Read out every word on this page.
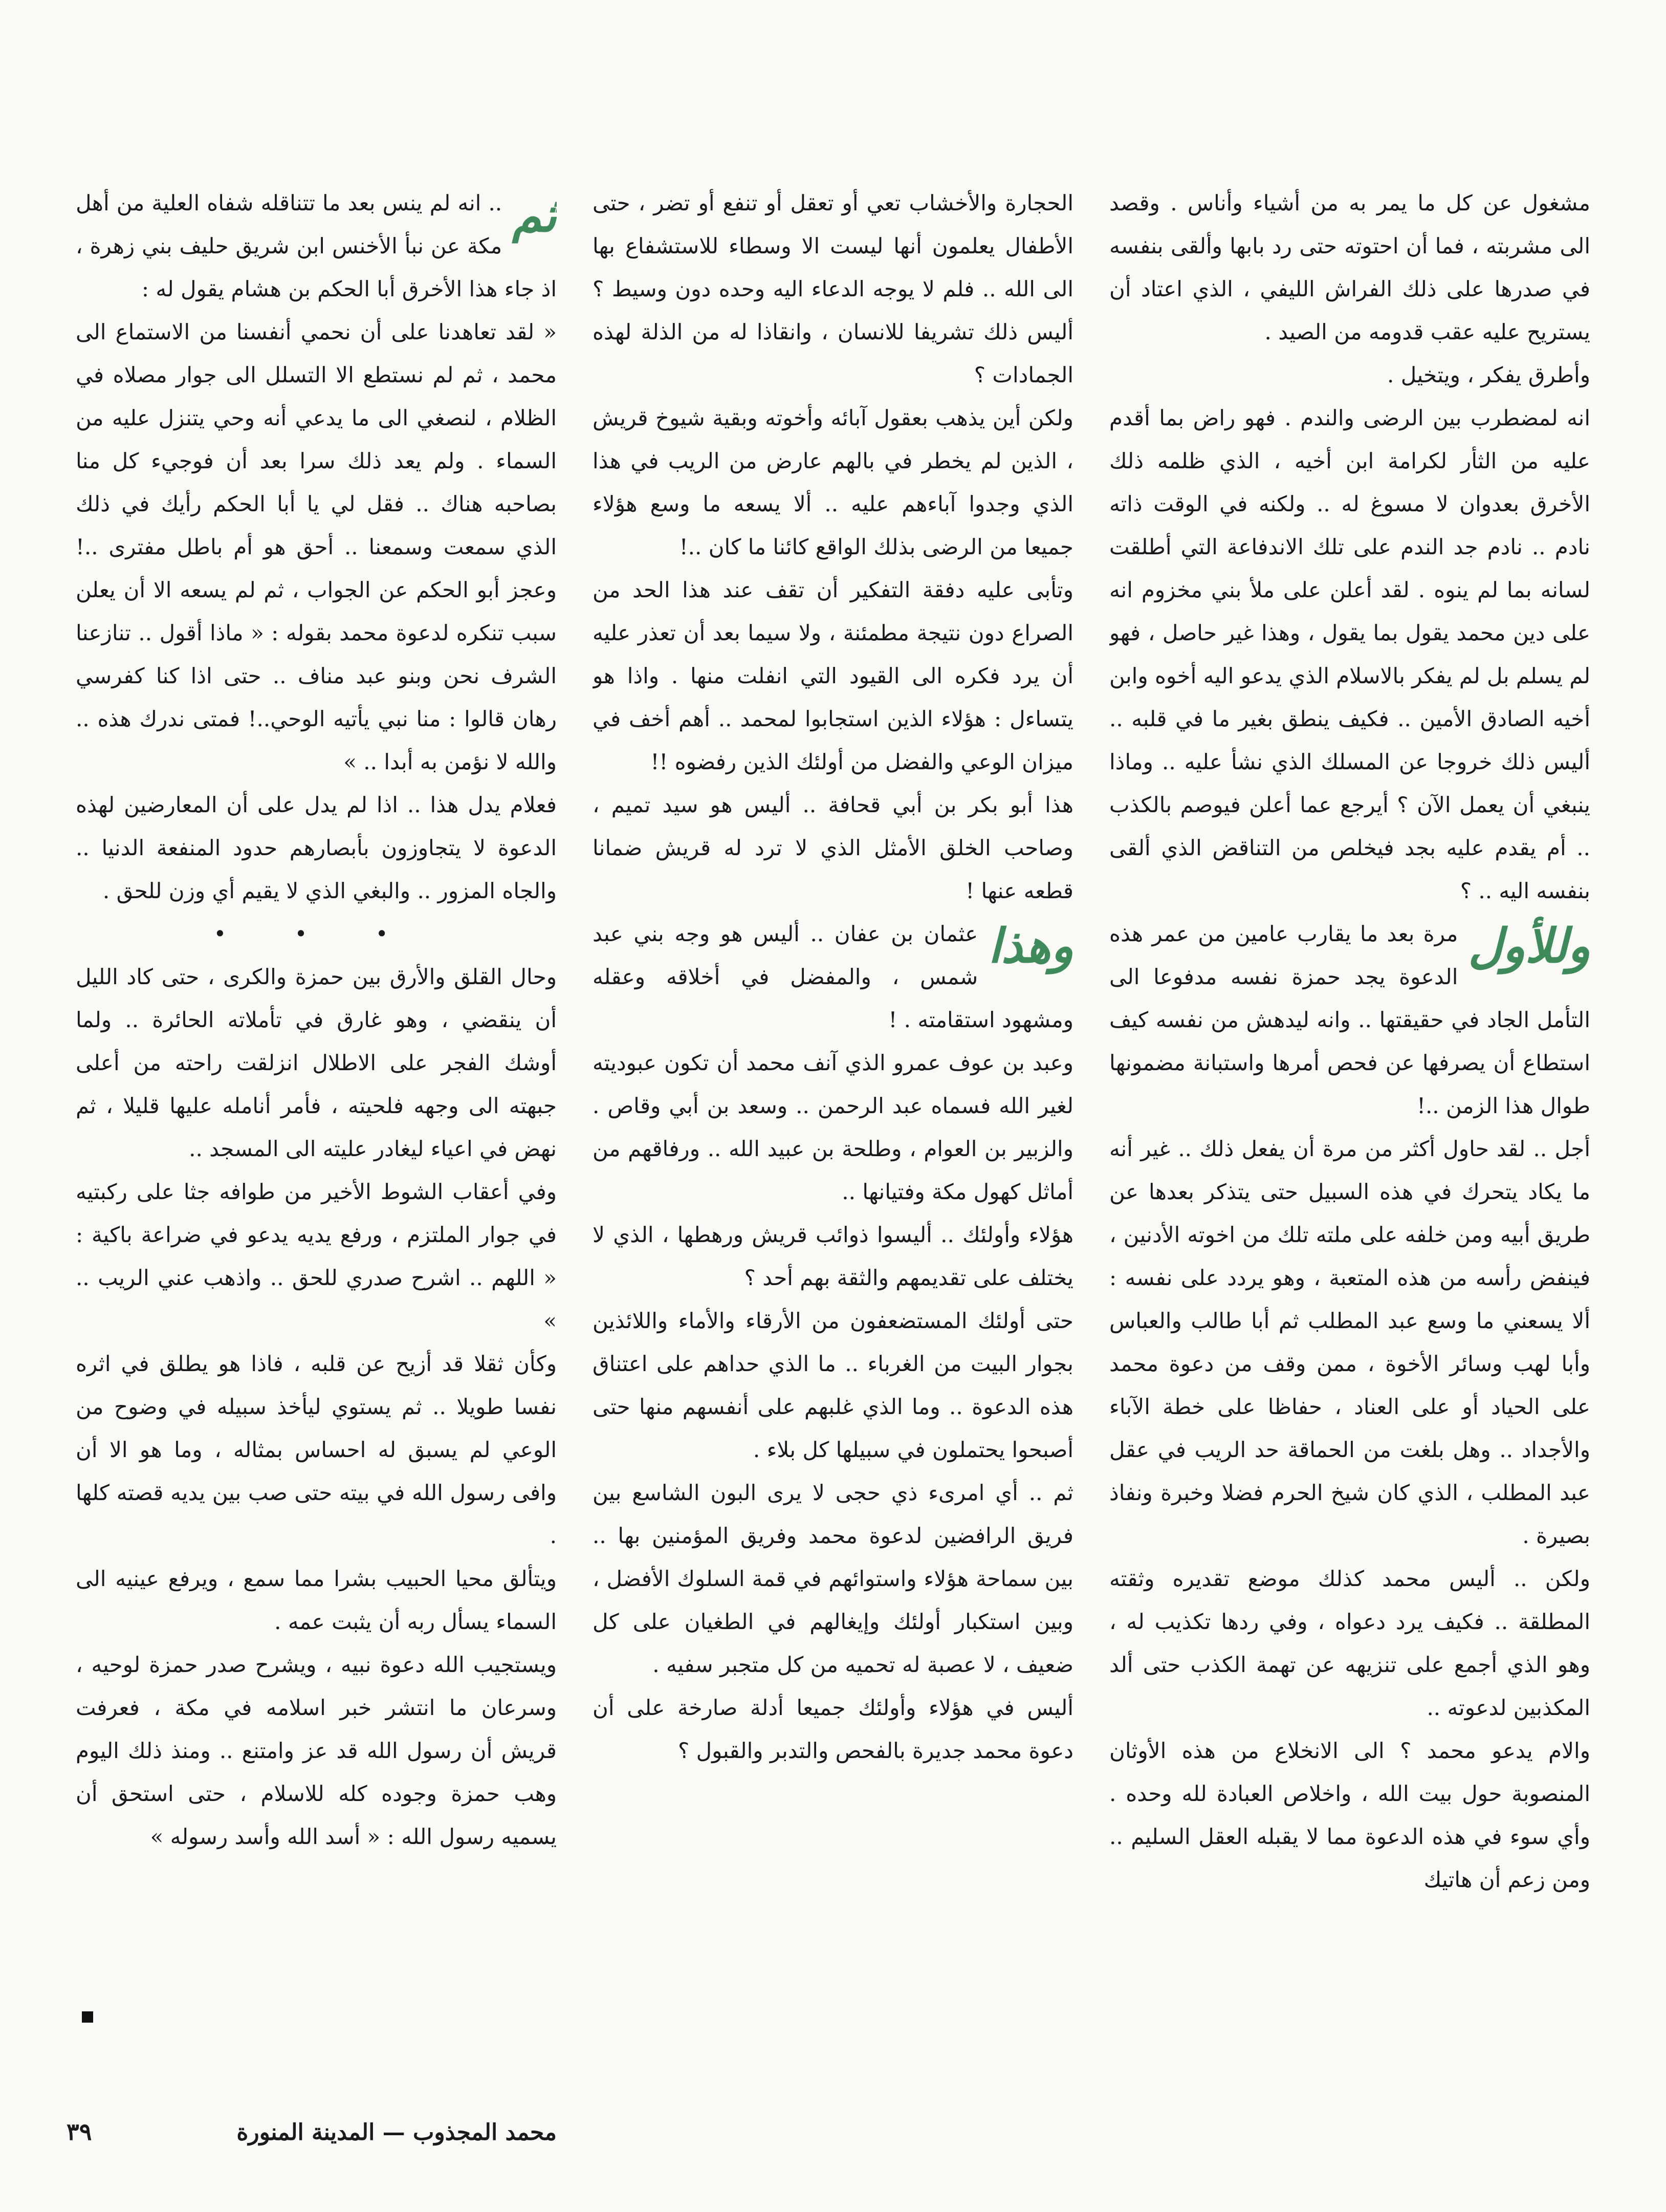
مشغول عن كل ما يمر به من أشياء وأناس . وقصد الى مشربته ، فما أن احتوته حتى رد بابها وألقى بنفسه في صدرها على ذلك الفراش الليفي ، الذي اعتاد أن يستريح عليه عقب قدومه من الصيد .

وأطرق يفكر ، ويتخيل .

انه لمضطرب بين الرضى والندم . فهو راض بما أقدم عليه من الثأر لكرامة ابن أخيه ، الذي ظلمه ذلك الأخرق بعدوان لا مسوغ له .. ولكنه في الوقت ذاته نادم .. نادم جد الندم على تلك الاندفاعة التي أطلقت لسانه بما لم ينوه . لقد أعلن على ملأ بني مخزوم انه على دين محمد يقول بما يقول ، وهذا غير حاصل ، فهو لم يسلم بل لم يفكر بالاسلام الذي يدعو اليه أخوه وابن أخيه الصادق الأمين .. فكيف ينطق بغير ما في قلبه .. أليس ذلك خروجا عن المسلك الذي نشأ عليه .. وماذا ينبغي أن يعمل الآن ؟ أيرجع عما أعلن فيوصم بالكذب .. أم يقدم عليه بجد فيخلص من التناقض الذي ألقى بنفسه اليه .. ؟

وللأول
مرة بعد ما يقارب عامين من عمر هذه الدعوة يجد حمزة نفسه مدفوعا الى التأمل الجاد في حقيقتها .. وانه ليدهش من نفسه كيف استطاع أن يصرفها عن فحص أمرها واستبانة مضمونها طوال هذا الزمن ..!

أجل .. لقد حاول أكثر من مرة أن يفعل ذلك .. غير أنه ما يكاد يتحرك في هذه السبيل حتى يتذكر بعدها عن طريق أبيه ومن خلفه على ملته تلك من اخوته الأدنين ، فينفض رأسه من هذه المتعبة ، وهو يردد على نفسه : ألا يسعني ما وسع عبد المطلب ثم أبا طالب والعباس وأبا لهب وسائر الأخوة ، ممن وقف من دعوة محمد على الحياد أو على العناد ، حفاظا على خطة الآباء والأجداد .. وهل بلغت من الحماقة حد الريب في عقل عبد المطلب ، الذي كان شيخ الحرم فضلا وخبرة ونفاذ بصيرة .

ولكن .. أليس محمد كذلك موضع تقديره وثقته المطلقة .. فكيف يرد دعواه ، وفي ردها تكذيب له ، وهو الذي أجمع على تنزيهه عن تهمة الكذب حتى ألد المكذبين لدعوته ..

والام يدعو محمد ؟ الى الانخلاع من هذه الأوثان المنصوبة حول بيت الله ، واخلاص العبادة لله وحده . وأي سوء في هذه الدعوة مما لا يقبله العقل السليم .. ومن زعم أن هاتيك

الحجارة والأخشاب تعي أو تعقل أو تنفع أو تضر ، حتى الأطفال يعلمون أنها ليست الا وسطاء للاستشفاع بها الى الله .. فلم لا يوجه الدعاء اليه وحده دون وسيط ؟ أليس ذلك تشريفا للانسان ، وانقاذا له من الذلة لهذه الجمادات ؟

ولكن أين يذهب بعقول آبائه وأخوته وبقية شيوخ قريش ، الذين لم يخطر في بالهم عارض من الريب في هذا الذي وجدوا آباءهم عليه .. ألا يسعه ما وسع هؤلاء جميعا من الرضى بذلك الواقع كائنا ما كان ..!

وتأبى عليه دفقة التفكير أن تقف عند هذا الحد من الصراع دون نتيجة مطمئنة ، ولا سيما بعد أن تعذر عليه أن يرد فكره الى القيود التي انفلت منها . واذا هو يتساءل : هؤلاء الذين استجابوا لمحمد .. أهم أخف في ميزان الوعي والفضل من أولئك الذين رفضوه !!

هذا أبو بكر بن أبي قحافة .. أليس هو سيد تميم ، وصاحب الخلق الأمثل الذي لا ترد له قريش ضمانا قطعه عنها !

وهذا
عثمان بن عفان .. أليس هو وجه بني عبد شمس ، والمفضل في أخلاقه وعقله ومشهود استقامته . !

وعبد بن عوف عمرو الذي آنف محمد أن تكون عبوديته لغير الله فسماه عبد الرحمن .. وسعد بن أبي وقاص . والزبير بن العوام ، وطلحة بن عبيد الله .. ورفاقهم من أماثل كهول مكة وفتيانها ..

هؤلاء وأولئك .. أليسوا ذوائب قريش ورهطها ، الذي لا يختلف على تقديمهم والثقة بهم أحد ؟

حتى أولئك المستضعفون من الأرقاء والأماء واللائذين بجوار البيت من الغرباء .. ما الذي حداهم على اعتناق هذه الدعوة .. وما الذي غلبهم على أنفسهم منها حتى أصبحوا يحتملون في سبيلها كل بلاء .

ثم .. أي امرىء ذي حجى لا يرى البون الشاسع بين فريق الرافضين لدعوة محمد وفريق المؤمنين بها .. بين سماحة هؤلاء واستوائهم في قمة السلوك الأفضل ، وبين استكبار أولئك وإيغالهم في الطغيان على كل ضعيف ، لا عصبة له تحميه من كل متجبر سفيه .

أليس في هؤلاء وأولئك جميعا أدلة صارخة على أن دعوة محمد جديرة بالفحص والتدبر والقبول ؟

ثم
.. انه لم ينس بعد ما تتناقله شفاه العلية من أهل مكة عن نبأ الأخنس ابن شريق حليف بني زهرة ، اذ جاء هذا الأخرق أبا الحكم بن هشام يقول له :

« لقد تعاهدنا على أن نحمي أنفسنا من الاستماع الى محمد ، ثم لم نستطع الا التسلل الى جوار مصلاه في الظلام ، لنصغي الى ما يدعي أنه وحي يتنزل عليه من السماء . ولم يعد ذلك سرا بعد أن فوجيء كل منا بصاحبه هناك .. فقل لي يا أبا الحكم رأيك في ذلك الذي سمعت وسمعنا .. أحق هو أم باطل مفترى ..! وعجز أبو الحكم عن الجواب ، ثم لم يسعه الا أن يعلن سبب تنكره لدعوة محمد بقوله : « ماذا أقول .. تنازعنا الشرف نحن وبنو عبد مناف .. حتى اذا كنا كفرسي رهان قالوا : منا نبي يأتيه الوحي..! فمتى ندرك هذه .. والله لا نؤمن به أبدا .. »

فعلام يدل هذا .. اذا لم يدل على أن المعارضين لهذه الدعوة لا يتجاوزون بأبصارهم حدود المنفعة الدنيا .. والجاه المزور .. والبغي الذي لا يقيم أي وزن للحق .

• • •

وحال القلق والأرق بين حمزة والكرى ، حتى كاد الليل أن ينقضي ، وهو غارق في تأملاته الحائرة .. ولما أوشك الفجر على الاطلال انزلقت راحته من أعلى جبهته الى وجهه فلحيته ، فأمر أنامله عليها قليلا ، ثم نهض في اعياء ليغادر عليته الى المسجد ..

وفي أعقاب الشوط الأخير من طوافه جثا على ركبتيه في جوار الملتزم ، ورفع يديه يدعو في ضراعة باكية : « اللهم .. اشرح صدري للحق .. واذهب عني الريب .. »

وكأن ثقلا قد أزيح عن قلبه ، فاذا هو يطلق في اثره نفسا طويلا .. ثم يستوي ليأخذ سبيله في وضوح من الوعي لم يسبق له احساس بمثاله ، وما هو الا أن وافى رسول الله في بيته حتى صب بين يديه قصته كلها .

ويتألق محيا الحبيب بشرا مما سمع ، ويرفع عينيه الى السماء يسأل ربه أن يثبت عمه .

ويستجيب الله دعوة نبيه ، ويشرح صدر حمزة لوحيه ، وسرعان ما انتشر خبر اسلامه في مكة ، فعرفت قريش أن رسول الله قد عز وامتنع .. ومنذ ذلك اليوم وهب حمزة وجوده كله للاسلام ، حتى استحق أن يسميه رسول الله : « أسد الله وأسد رسوله »

محمد المجذوب — المدينة المنورة
٣٩
